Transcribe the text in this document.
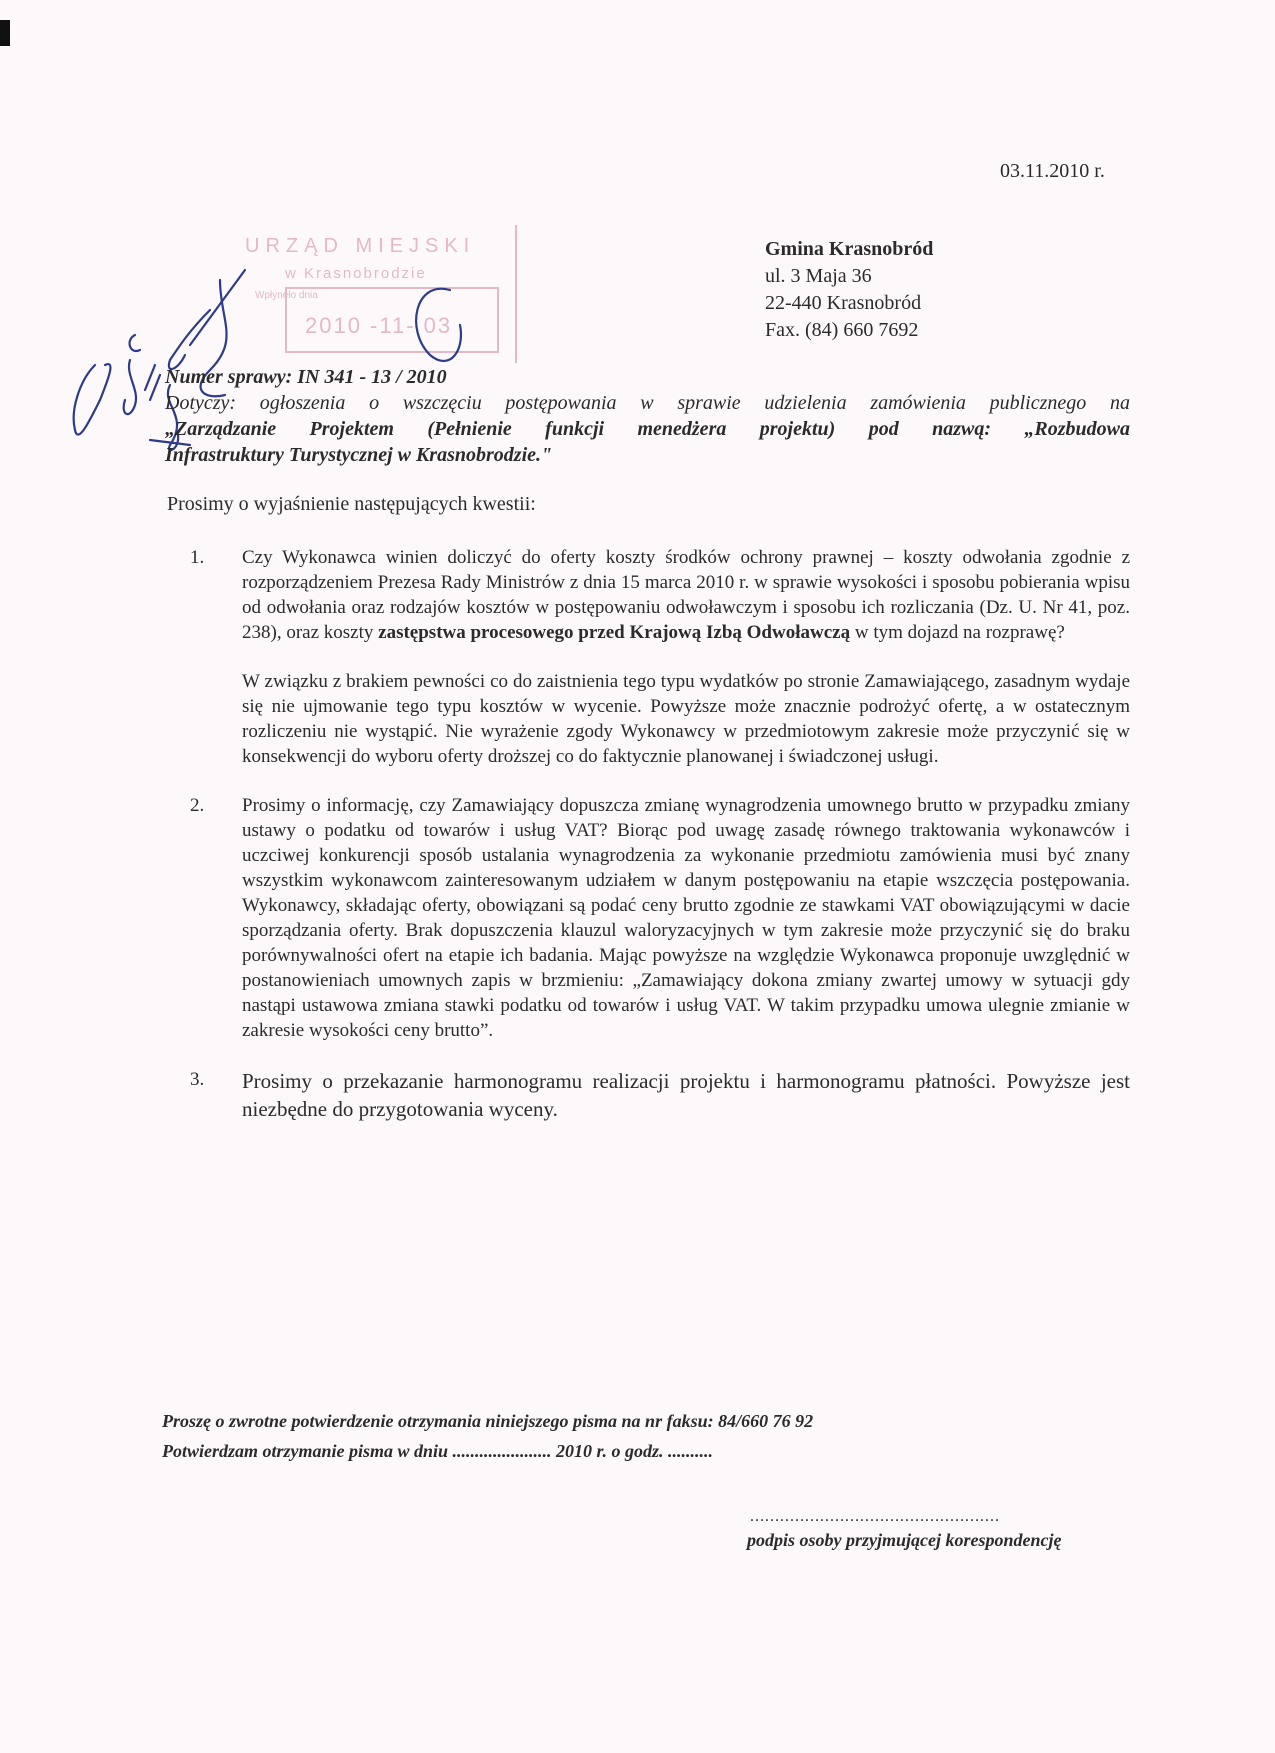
03.11.2010 r.
Gmina Krasnobród
ul. 3 Maja 36
22-440 Krasnobród
Fax. (84) 660 7692
URZĄD MIEJSKI
w Krasnobrodzie
Wpłynęło dnia
2010 -11- 03
Numer sprawy: IN 341 - 13 / 2010
Dotyczy: ogłoszenia o wszczęciu postępowania w sprawie udzielenia zamówienia publicznego na
„Zarządzanie Projektem (Pełnienie funkcji menedżera projektu) pod nazwą: „Rozbudowa
Infrastruktury Turystycznej w Krasnobrodzie."
Prosimy o wyjaśnienie następujących kwestii:
1.	Czy Wykonawca winien doliczyć do oferty koszty środków ochrony prawnej – koszty odwołania zgodnie z rozporządzeniem Prezesa Rady Ministrów z dnia 15 marca 2010 r. w sprawie wysokości i sposobu pobierania wpisu od odwołania oraz rodzajów kosztów w postępowaniu odwoławczym i sposobu ich rozliczania (Dz. U. Nr 41, poz. 238), oraz koszty zastępstwa procesowego przed Krajową Izbą Odwoławczą w tym dojazd na rozprawę?

W związku z brakiem pewności co do zaistnienia tego typu wydatków po stronie Zamawiającego, zasadnym wydaje się nie ujmowanie tego typu kosztów w wycenie. Powyższe może znacznie podrożyć ofertę, a w ostatecznym rozliczeniu nie wystąpić. Nie wyrażenie zgody Wykonawcy w przedmiotowym zakresie może przyczynić się w konsekwencji do wyboru oferty droższej co do faktycznie planowanej i świadczonej usługi.

2.	Prosimy o informację, czy Zamawiający dopuszcza zmianę wynagrodzenia umownego brutto w przypadku zmiany ustawy o podatku od towarów i usług VAT? Biorąc pod uwagę zasadę równego traktowania wykonawców i uczciwej konkurencji sposób ustalania wynagrodzenia za wykonanie przedmiotu zamówienia musi być znany wszystkim wykonawcom zainteresowanym udziałem w danym postępowaniu na etapie wszczęcia postępowania. Wykonawcy, składając oferty, obowiązani są podać ceny brutto zgodnie ze stawkami VAT obowiązującymi w dacie sporządzania oferty. Brak dopuszczenia klauzul waloryzacyjnych w tym zakresie może przyczynić się do braku porównywalności ofert na etapie ich badania. Mając powyższe na względzie Wykonawca proponuje uwzględnić w postanowieniach umownych zapis w brzmieniu: „Zamawiający dokona zmiany zwartej umowy w sytuacji gdy nastąpi ustawowa zmiana stawki podatku od towarów i usług VAT. W takim przypadku umowa ulegnie zmianie w zakresie wysokości ceny brutto”.

3.	Prosimy o przekazanie harmonogramu realizacji projektu i harmonogramu płatności. Powyższe jest niezbędne do przygotowania wyceny.

Proszę o zwrotne potwierdzenie otrzymania niniejszego pisma na nr faksu: 84/660 76 92
Potwierdzam otrzymanie pisma w dniu ...................... 2010 r. o godz. ..........
..................................................
podpis osoby przyjmującej korespondencję
